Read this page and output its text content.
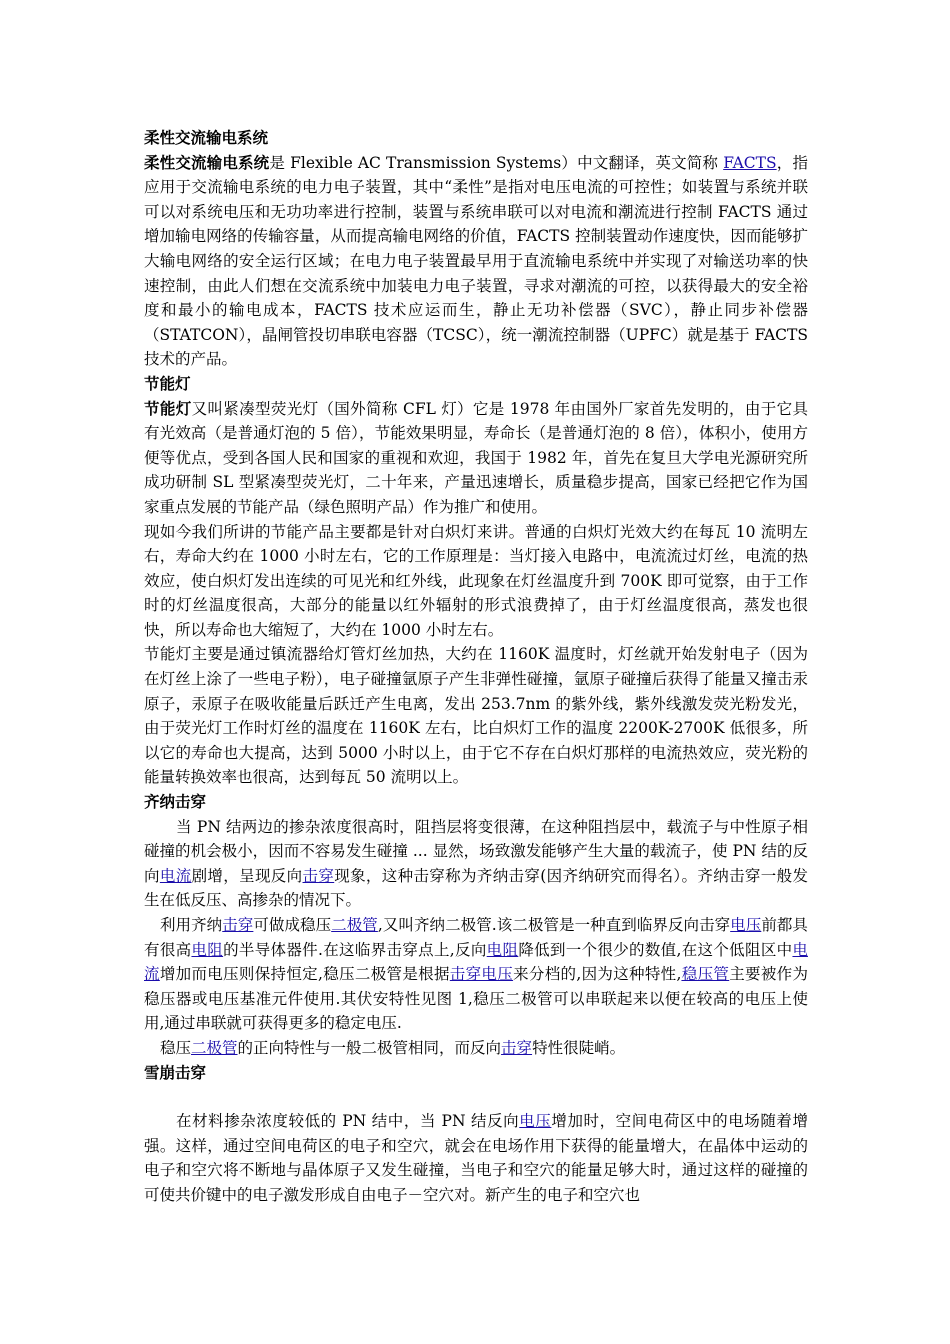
柔性交流输电系统

柔性交流输电系统是 Flexible AC Transmission Systems）中文翻译，英文简称 FACTS，指应用于交流输电系统的电力电子装置，其中“柔性”是指对电压电流的可控性；如装置与系统并联可以对系统电压和无功功率进行控制，装置与系统串联可以对电流和潮流进行控制 FACTS 通过增加输电网络的传输容量，从而提高输电网络的价值，FACTS 控制装置动作速度快，因而能够扩大输电网络的安全运行区域；在电力电子装置最早用于直流输电系统中并实现了对输送功率的快速控制，由此人们想在交流系统中加装电力电子装置，寻求对潮流的可控，以获得最大的安全裕度和最小的输电成本，FACTS 技术应运而生，静止无功补偿器（SVC），静止同步补偿器（STATCON），晶闸管投切串联电容器（TCSC），统一潮流控制器（UPFC）就是基于 FACTS 技术的产品。

节能灯

节能灯又叫紧凑型荧光灯（国外简称 CFL 灯）它是 1978 年由国外厂家首先发明的，由于它具有光效高（是普通灯泡的 5 倍），节能效果明显，寿命长（是普通灯泡的 8 倍），体积小，使用方便等优点，受到各国人民和国家的重视和欢迎，我国于 1982 年，首先在复旦大学电光源研究所成功研制 SL 型紧凑型荧光灯，二十年来，产量迅速增长，质量稳步提高，国家已经把它作为国家重点发展的节能产品（绿色照明产品）作为推广和使用。

现如今我们所讲的节能产品主要都是针对白炽灯来讲。普通的白炽灯光效大约在每瓦 10 流明左右，寿命大约在 1000 小时左右，它的工作原理是：当灯接入电路中，电流流过灯丝，电流的热效应，使白炽灯发出连续的可见光和红外线，此现象在灯丝温度升到 700K 即可觉察，由于工作时的灯丝温度很高，大部分的能量以红外辐射的形式浪费掉了，由于灯丝温度很高，蒸发也很快，所以寿命也大缩短了，大约在 1000 小时左右。

节能灯主要是通过镇流器给灯管灯丝加热，大约在 1160K 温度时，灯丝就开始发射电子（因为在灯丝上涂了一些电子粉），电子碰撞氩原子产生非弹性碰撞，氩原子碰撞后获得了能量又撞击汞原子，汞原子在吸收能量后跃迁产生电离，发出 253.7nm 的紫外线，紫外线激发荧光粉发光，由于荧光灯工作时灯丝的温度在 1160K 左右，比白炽灯工作的温度 2200K-2700K 低很多，所以它的寿命也大提高，达到 5000 小时以上，由于它不存在白炽灯那样的电流热效应，荧光粉的能量转换效率也很高，达到每瓦 50 流明以上。

齐纳击穿

当 PN 结两边的掺杂浓度很高时，阻挡层将变很薄，在这种阻挡层中，载流子与中性原子相碰撞的机会极小，因而不容易发生碰撞 ... 显然，场致激发能够产生大量的载流子，使 PN 结的反向电流剧增，呈现反向击穿现象，这种击穿称为齐纳击穿(因齐纳研究而得名）。齐纳击穿一般发生在低反压、高掺杂的情况下。

利用齐纳击穿可做成稳压二极管,又叫齐纳二极管.该二极管是一种直到临界反向击穿电压前都具有很高电阻的半导体器件.在这临界击穿点上,反向电阻降低到一个很少的数值,在这个低阻区中电流增加而电压则保持恒定,稳压二极管是根据击穿电压来分档的,因为这种特性,稳压管主要被作为稳压器或电压基准元件使用.其伏安特性见图 1,稳压二极管可以串联起来以便在较高的电压上使用,通过串联就可获得更多的稳定电压.

稳压二极管的正向特性与一般二极管相同，而反向击穿特性很陡峭。

雪崩击穿

在材料掺杂浓度较低的 PN 结中，当 PN 结反向电压增加时，空间电荷区中的电场随着增强。这样，通过空间电荷区的电子和空穴，就会在电场作用下获得的能量增大，在晶体中运动的电子和空穴将不断地与晶体原子又发生碰撞，当电子和空穴的能量足够大时，通过这样的碰撞的可使共价键中的电子激发形成自由电子－空穴对。新产生的电子和空穴也
